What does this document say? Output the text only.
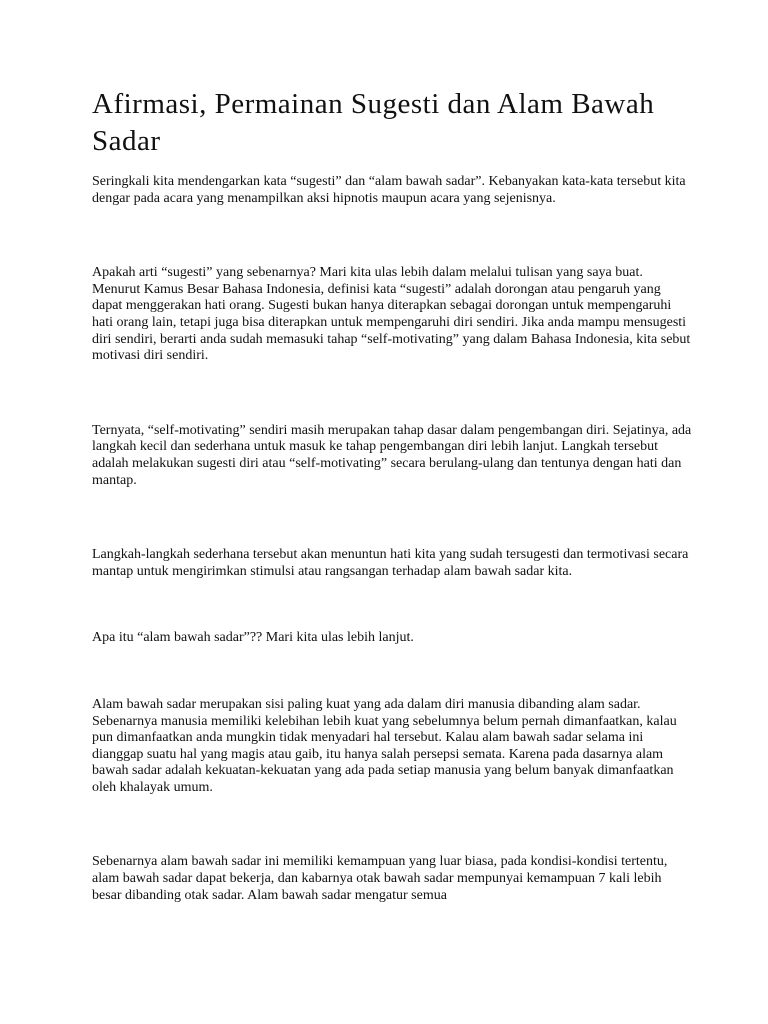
Afirmasi, Permainan Sugesti dan Alam Bawah Sadar

Seringkali kita mendengarkan kata “sugesti” dan “alam bawah sadar”. Kebanyakan kata-kata tersebut kita dengar pada acara yang menampilkan aksi hipnotis maupun acara yang sejenisnya.

Apakah arti “sugesti” yang sebenarnya? Mari kita ulas lebih dalam melalui tulisan yang saya buat. Menurut Kamus Besar Bahasa Indonesia, definisi kata “sugesti” adalah dorongan atau pengaruh yang dapat menggerakan hati orang. Sugesti bukan hanya diterapkan sebagai dorongan untuk mempengaruhi hati orang lain, tetapi juga bisa diterapkan untuk mempengaruhi diri sendiri. Jika anda mampu mensugesti diri sendiri, berarti anda sudah memasuki tahap “self-motivating” yang dalam Bahasa Indonesia, kita sebut motivasi diri sendiri.

Ternyata, “self-motivating” sendiri masih merupakan tahap dasar dalam pengembangan diri. Sejatinya, ada langkah kecil dan sederhana untuk masuk ke tahap pengembangan diri lebih lanjut. Langkah tersebut adalah melakukan sugesti diri atau “self-motivating” secara berulang-ulang dan tentunya dengan hati dan mantap.

Langkah-langkah sederhana tersebut akan menuntun hati kita yang sudah tersugesti dan termotivasi secara mantap untuk mengirimkan stimulsi atau rangsangan terhadap alam bawah sadar kita.

Apa itu “alam bawah sadar”?? Mari kita ulas lebih lanjut.

Alam bawah sadar merupakan sisi paling kuat yang ada dalam diri manusia dibanding alam sadar. Sebenarnya manusia memiliki kelebihan lebih kuat yang sebelumnya belum pernah dimanfaatkan, kalau pun dimanfaatkan anda mungkin tidak menyadari hal tersebut. Kalau alam bawah sadar selama ini dianggap suatu hal yang magis atau gaib, itu hanya salah persepsi semata. Karena pada dasarnya alam bawah sadar adalah kekuatan-kekuatan yang ada pada setiap manusia yang belum banyak dimanfaatkan oleh khalayak umum.

Sebenarnya alam bawah sadar ini memiliki kemampuan yang luar biasa, pada kondisi-kondisi tertentu, alam bawah sadar dapat bekerja, dan kabarnya otak bawah sadar mempunyai kemampuan 7 kali lebih besar dibanding otak sadar. Alam bawah sadar mengatur semua
